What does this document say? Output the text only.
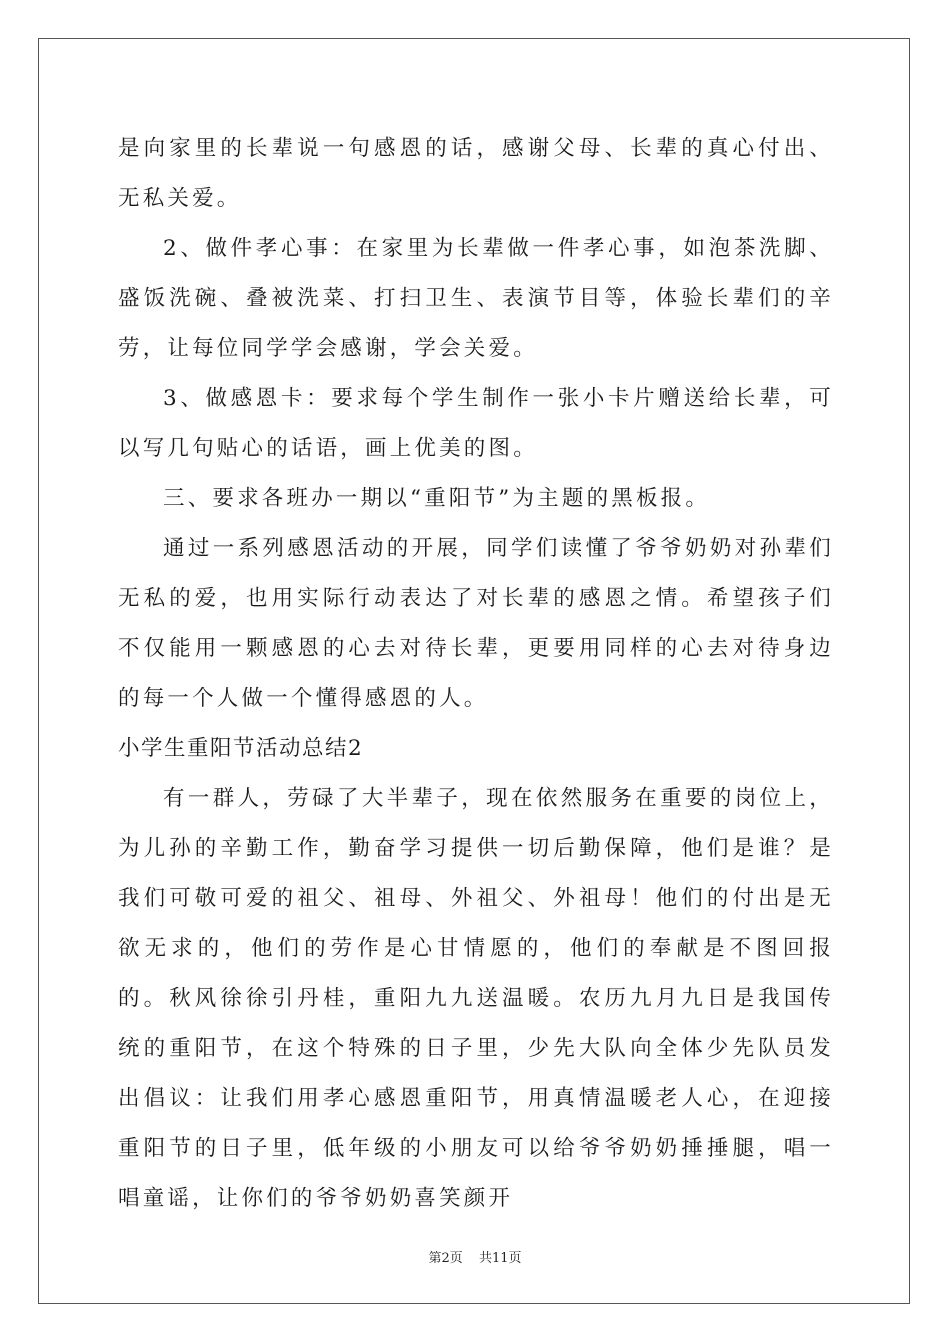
是向家里的长辈说一句感恩的话，感谢父母、长辈的真心付出、无私关爱。

2、做件孝心事：在家里为长辈做一件孝心事，如泡茶洗脚、盛饭洗碗、叠被洗菜、打扫卫生、表演节目等，体验长辈们的辛劳，让每位同学学会感谢，学会关爱。

3、做感恩卡：要求每个学生制作一张小卡片赠送给长辈，可以写几句贴心的话语，画上优美的图。

三、要求各班办一期以“重阳节”为主题的黑板报。

通过一系列感恩活动的开展，同学们读懂了爷爷奶奶对孙辈们无私的爱，也用实际行动表达了对长辈的感恩之情。希望孩子们不仅能用一颗感恩的心去对待长辈，更要用同样的心去对待身边的每一个人做一个懂得感恩的人。

小学生重阳节活动总结2

有一群人，劳碌了大半辈子，现在依然服务在重要的岗位上，为儿孙的辛勤工作，勤奋学习提供一切后勤保障，他们是谁？是我们可敬可爱的祖父、祖母、外祖父、外祖母！他们的付出是无欲无求的，他们的劳作是心甘情愿的，他们的奉献是不图回报的。秋风徐徐引丹桂，重阳九九送温暖。农历九月九日是我国传统的重阳节，在这个特殊的日子里，少先大队向全体少先队员发出倡议：让我们用孝心感恩重阳节，用真情温暖老人心，在迎接重阳节的日子里，低年级的小朋友可以给爷爷奶奶捶捶腿，唱一唱童谣，让你们的爷爷奶奶喜笑颜开

第2页 共11页
